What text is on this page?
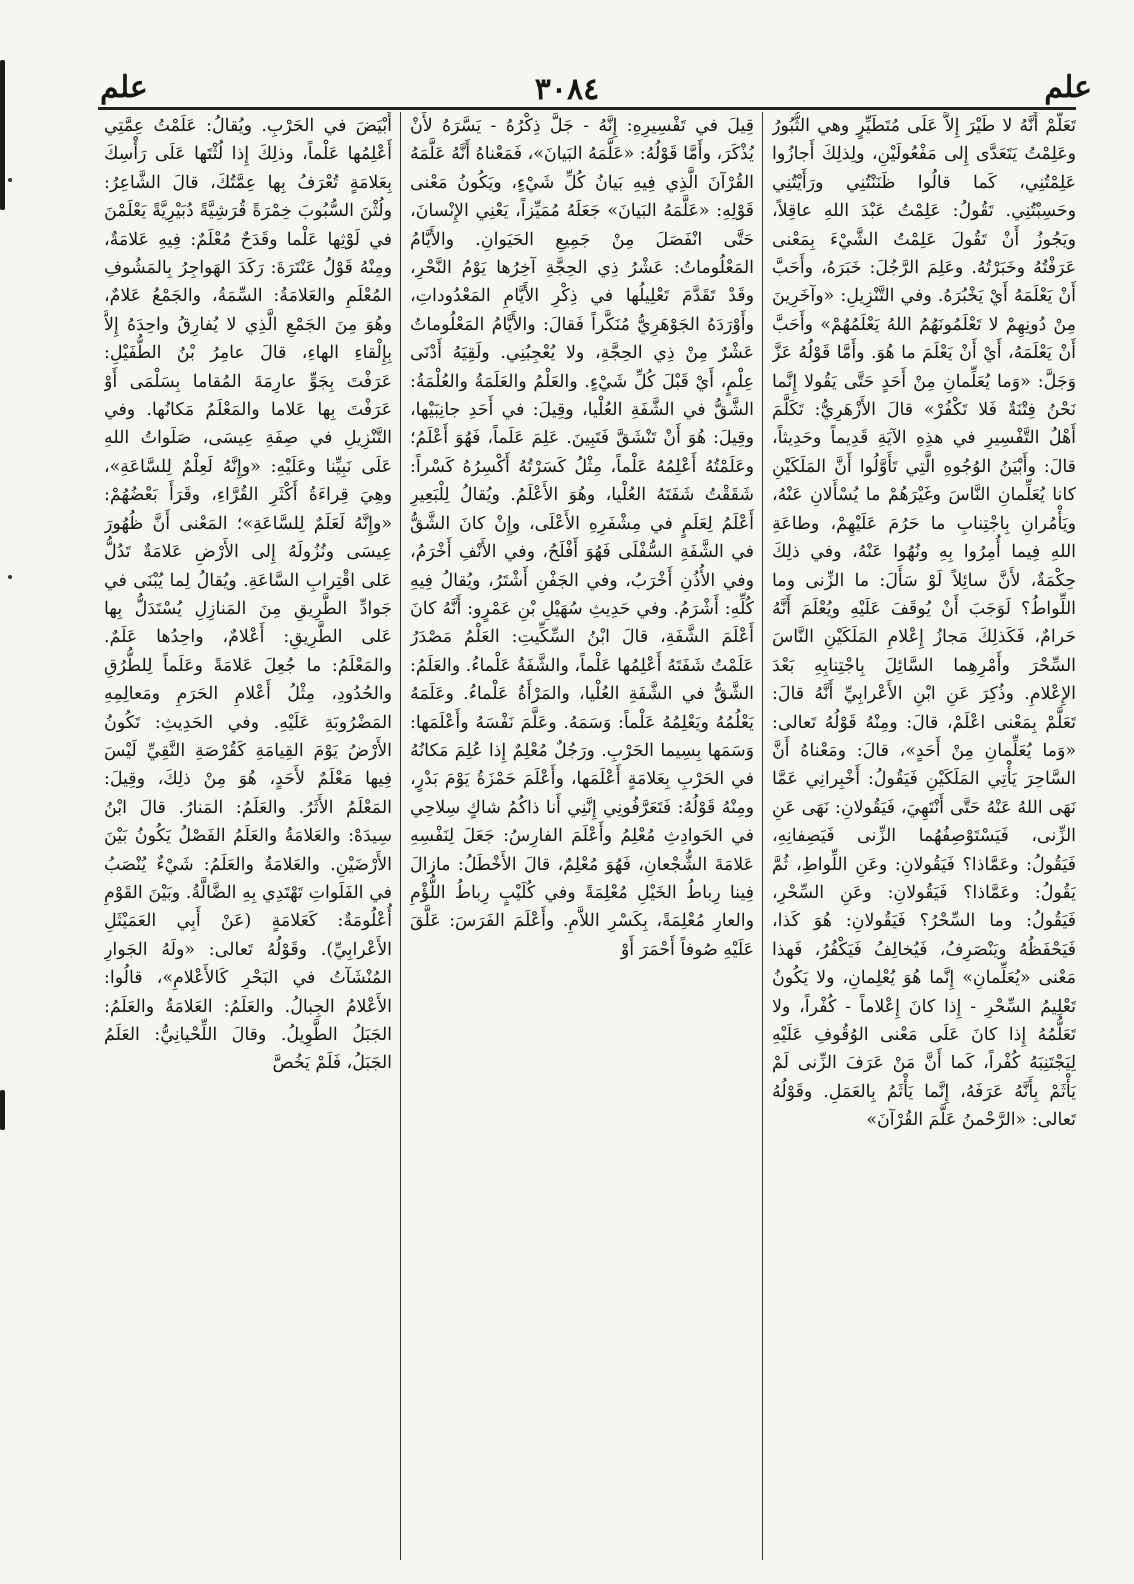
علم
٣٠٨٤
علم

تَعَلَّمْ أَنَّهُ لا طَيْرَ إِلاَّ عَلَى مُتَطَيِّرٍ وهي الثُّبُورُ وعَلِمْتُ يَتَعَدَّى إِلى مَفْعُولَيْنِ، ولِذلِكَ أَجازُوا عَلِمْتُنِي، كَما قالُوا ظَنَنْتُنِي ورَأَيْتُنِي وحَسِبْتُنِي. تَقُولُ: عَلِمْتُ عَبْدَ اللهِ عاقِلاً، ويَجُوزُ أَنْ تَقُولَ عَلِمْتُ الشَّيْءَ بِمَعْنى عَرَفْتُهُ وخَبَرْتُهُ. وعَلِمَ الرَّجُلَ: خَبَرَهُ، وأَحَبَّ أَنْ يَعْلَمَهُ أَيْ يَخْبُرَهُ. وفي التَّنْزِيلِ: «وآخَرِينَ مِنْ دُونِهِمْ لا تَعْلَمُونَهُمُ اللهُ يَعْلَمُهُمْ» وأَحَبَّ أَنْ يَعْلَمَهُ، أَيْ أَنْ يَعْلَمَ ما هُوَ. وأَمَّا قَوْلُهُ عَزَّ وَجَلَّ: «وَما يُعَلِّمانِ مِنْ أَحَدٍ حَتَّى يَقُولا إِنَّما نَحْنُ فِتْنَةٌ فَلا تَكْفُرْ» قالَ الأَزْهَرِيُّ: تَكَلَّمَ أَهْلُ التَّفْسِيرِ في هذِهِ الآيَةِ قَدِيماً وحَدِيثاً، قالَ: وأَبْيَنُ الوُجُوهِ الَّتِي تَأَوَّلُوا أَنَّ المَلَكَيْنِ كانا يُعَلِّمانِ النَّاسَ وغَيْرَهُمْ ما يُسْأَلانِ عَنْهُ، ويَأْمُرانِ بِاجْتِنابِ ما حَرُمَ عَلَيْهِمْ، وطاعَةِ اللهِ فِيما أُمِرُوا بِهِ ونُهُوا عَنْهُ، وفي ذلِكَ حِكْمَةٌ، لأَنَّ سائِلاً لَوْ سَأَلَ: ما الزِّنى وما اللِّواطُ؟ لَوَجَبَ أَنْ يُوقَفَ عَلَيْهِ ويُعْلَمَ أَنَّهُ حَرامٌ، فَكَذلِكَ مَجازُ إِعْلامِ المَلَكَيْنِ النَّاسَ السِّحْرَ وأَمْرِهِما السَّائِلَ بِاجْتِنابِهِ بَعْدَ الإِعْلامِ. وذُكِرَ عَنِ ابْنِ الأَعْرابِيِّ أَنَّهُ قالَ: تَعَلَّمْ بِمَعْنى اعْلَمْ، قالَ: ومِنْهُ قَوْلُهُ تَعالى: «وَما يُعَلِّمانِ مِنْ أَحَدٍ»، قالَ: ومَعْناهُ أَنَّ السَّاحِرَ يَأْتِي المَلَكَيْنِ فَيَقُولُ: أَخْبِرانِي عَمَّا نَهَى اللهُ عَنْهُ حَتَّى أَنْتَهِيَ، فَيَقُولانِ: نَهَى عَنِ الزِّنى، فَيَسْتَوْصِفُهُما الزِّنى فَيَصِفانِهِ، فَيَقُولُ: وعَمَّاذا؟ فَيَقُولانِ: وعَنِ اللِّواطِ، ثُمَّ يَقُولُ: وعَمَّاذا؟ فَيَقُولانِ: وعَنِ السِّحْرِ، فَيَقُولُ: وما السِّحْرُ؟ فَيَقُولانِ: هُوَ كَذا، فَيَحْفَظُهُ ويَنْصَرِفُ، فَيُخالِفُ فَيَكْفُرُ، فَهذا مَعْنى «يُعَلِّمانِ» إِنَّما هُوَ يُعْلِمانِ، ولا يَكُونُ تَعْلِيمُ السِّحْرِ - إِذا كانَ إِعْلاماً - كُفْراً، ولا تَعَلُّمُهُ إِذا كانَ عَلَى مَعْنى الوُقُوفِ عَلَيْهِ لِيَجْتَنِبَهُ كُفْراً، كَما أَنَّ مَنْ عَرَفَ الزِّنى لَمْ يَأْثَمْ بِأَنَّهُ عَرَفَهُ، إِنَّما يَأْثَمُ بِالعَمَلِ. وقَوْلُهُ تَعالى: «الرَّحْمنُ عَلَّمَ القُرْآنَ»

قِيلَ في تَفْسِيرِهِ: إِنَّهُ - جَلَّ ذِكْرُهُ - يَسَّرَهُ لأَنْ يُذْكَرَ، وأَمَّا قَوْلُهُ: «عَلَّمَهُ البَيانَ»، فَمَعْناهُ أَنَّهُ عَلَّمَهُ القُرْآنَ الَّذِي فِيهِ بَيانُ كُلِّ شَيْءٍ، ويَكُونُ مَعْنى قَوْلِهِ: «عَلَّمَهُ البَيانَ» جَعَلَهُ مُمَيِّزاً، يَعْنِي الإِنْسانَ، حَتَّى انْفَصَلَ مِنْ جَمِيعِ الحَيَوانِ. والأَيَّامُ المَعْلُوماتُ: عَشْرُ ذِي الحِجَّةِ آخِرُها يَوْمُ النَّحْرِ، وقَدْ تَقَدَّمَ تَعْلِيلُها في ذِكْرِ الأَيَّامِ المَعْدُوداتِ، وأَوْرَدَهُ الجَوْهَرِيُّ مُنَكَّراً فَقالَ: والأَيَّامُ المَعْلُوماتُ عَشْرٌ مِنْ ذِي الحِجَّةِ، ولا يُعْجِبُنِي. ولَقِيَهُ أَدْنَى عِلْمٍ، أَيْ قَبْلَ كُلِّ شَيْءٍ. والعَلْمُ والعَلَمَةُ والعُلْمَةُ: الشَّقُّ في الشَّفَةِ العُلْيا، وقِيلَ: في أَحَدِ جانِبَيْها، وقِيلَ: هُوَ أَنْ تَنْشَقَّ فَتَبِينَ. عَلِمَ عَلَماً، فَهُوَ أَعْلَمُ؛ وعَلَمْتُهُ أَعْلِمُهُ عَلْماً، مِثْلُ كَسَرْتُهُ أَكْسِرُهُ كَسْراً: شَقَقْتُ شَفَتَهُ العُلْيا، وهُوَ الأَعْلَمُ. ويُقالُ لِلْبَعِيرِ أَعْلَمُ لِعَلَمٍ في مِشْفَرِهِ الأَعْلَى، وإِنْ كانَ الشَّقُّ في الشَّفَةِ السُّفْلَى فَهُوَ أَفْلَحُ، وفي الأَنْفِ أَخْرَمُ، وفي الأُذُنِ أَخْرَبُ، وفي الجَفْنِ أَشْتَرُ، ويُقالُ فِيهِ كُلِّهِ: أَشْرَمُ. وفي حَدِيثِ سُهَيْلِ بْنِ عَمْرٍو: أَنَّهُ كانَ أَعْلَمَ الشَّفَةِ، قالَ ابْنُ السِّكِّيتِ: العَلْمُ مَصْدَرُ عَلَمْتُ شَفَتَهُ أَعْلِمُها عَلْماً، والشَّفَةُ عَلْماءُ. والعَلَمُ: الشَّقُّ في الشَّفَةِ العُلْيا، والمَرْأَةُ عَلْماءُ. وعَلَمَهُ يَعْلُمُهُ ويَعْلِمُهُ عَلْماً: وَسَمَهُ. وعَلَّمَ نَفْسَهُ وأَعْلَمَها: وَسَمَها بِسِيما الحَرْبِ. ورَجُلٌ مُعْلِمٌ إِذا عُلِمَ مَكانُهُ في الحَرْبِ بِعَلامَةٍ أَعْلَمَها، وأَعْلَمَ حَمْزَةُ يَوْمَ بَدْرٍ، ومِنْهُ قَوْلُهُ: فَتَعَرَّفُونِي إِنَّنِي أَنا ذاكُمُ شاكٍ سِلاحِي في الحَوادِثِ مُعْلِمُ وأَعْلَمَ الفارِسُ: جَعَلَ لِنَفْسِهِ عَلامَةَ الشُّجْعانِ، فَهُوَ مُعْلِمٌ، قالَ الأَخْطَلُ: مازالَ فِينا رِباطُ الخَيْلِ مُعْلِمَةً وفي كُلَيْبٍ رِباطُ اللُّؤْمِ والعارِ مُعْلِمَةً، بِكَسْرِ اللاَّمِ. وأَعْلَمَ الفَرَسَ: عَلَّقَ عَلَيْهِ صُوفاً أَحْمَرَ أَوْ

أَبْيَضَ في الحَرْبِ. ويُقالُ: عَلَمْتُ عِمَّتِي أَعْلِمُها عَلْماً، وذلِكَ إِذا لُثْتَها عَلَى رَأْسِكَ بِعَلامَةٍ تُعْرَفُ بِها عِمَّتُكَ، قالَ الشَّاعِرُ: ولُثْنَ السُّبُوبَ خِمْرَةً قُرَشِيَّةً دُبَيْرِيَّةً يَعْلَمْنَ في لَوْثِها عَلْما وقَدَحٌ مُعْلَمٌ: فِيهِ عَلامَةٌ، ومِنْهُ قَوْلُ عَنْتَرَةَ: رَكَدَ الهَواجِرُ بِالمَشُوفِ المُعْلَمِ والعَلامَةُ: السِّمَةُ، والجَمْعُ عَلامٌ، وهُوَ مِنَ الجَمْعِ الَّذِي لا يُفارِقُ واحِدَهُ إِلاَّ بِإِلْقاءِ الهاءِ، قالَ عامِرُ بْنُ الطُّفَيْلِ: عَرَفْتَ بِجَوٍّ عارِمَةَ المُقاما بِسَلْمَى أَوْ عَرَفْتَ بِها عَلاما والمَعْلَمُ مَكانُها. وفي التَّنْزِيلِ في صِفَةِ عِيسَى، صَلَواتُ اللهِ عَلَى نَبِيِّنا وعَلَيْهِ: «وإِنَّهُ لَعِلْمٌ لِلسَّاعَةِ»، وهِيَ قِراءَةُ أَكْثَرِ القُرَّاءِ، وقَرَأَ بَعْضُهُمْ: «وإِنَّهُ لَعَلَمٌ لِلسَّاعَةِ»؛ المَعْنى أَنَّ ظُهُورَ عِيسَى ونُزُولَهُ إِلى الأَرْضِ عَلامَةٌ تَدُلُّ عَلى اقْتِرابِ السَّاعَةِ. ويُقالُ لِما يُبْنَى في جَوادِّ الطَّرِيقِ مِنَ المَنازِلِ يُسْتَدَلُّ بِها عَلى الطَّرِيقِ: أَعْلامٌ، واحِدُها عَلَمٌ. والمَعْلَمُ: ما جُعِلَ عَلامَةً وعَلَماً لِلطُّرُقِ والحُدُودِ، مِثْلُ أَعْلامِ الحَرَمِ ومَعالِمِهِ المَضْرُوبَةِ عَلَيْهِ. وفي الحَدِيثِ: تَكُونُ الأَرْضُ يَوْمَ القِيامَةِ كَقُرْصَةِ النَّقِيِّ لَيْسَ فِيها مَعْلَمٌ لأَحَدٍ، هُوَ مِنْ ذلِكَ، وقِيلَ: المَعْلَمُ الأَثَرُ. والعَلَمُ: المَنارُ. قالَ ابْنُ سِيدَهْ: والعَلامَةُ والعَلَمُ الفَصْلُ يَكُونُ بَيْنَ الأَرْضَيْنِ. والعَلامَةُ والعَلَمُ: شَيْءٌ يُنْصَبُ في الفَلَواتِ تَهْتَدِي بِهِ الضَّالَّةُ. وبَيْنَ القَوْمِ أُعْلُومَةٌ: كَعَلامَةٍ (عَنْ أَبِي العَمَيْثَلِ الأَعْرابِيِّ). وقَوْلُهُ تَعالى: «ولَهُ الجَوارِ المُنْشَآتُ في البَحْرِ كَالأَعْلامِ»، قالُوا: الأَعْلامُ الجِبالُ. والعَلَمُ: العَلامَةُ والعَلَمُ: الجَبَلُ الطَّوِيلُ. وقالَ اللِّحْيانِيُّ: العَلَمُ الجَبَلُ، فَلَمْ يَخُصَّ
